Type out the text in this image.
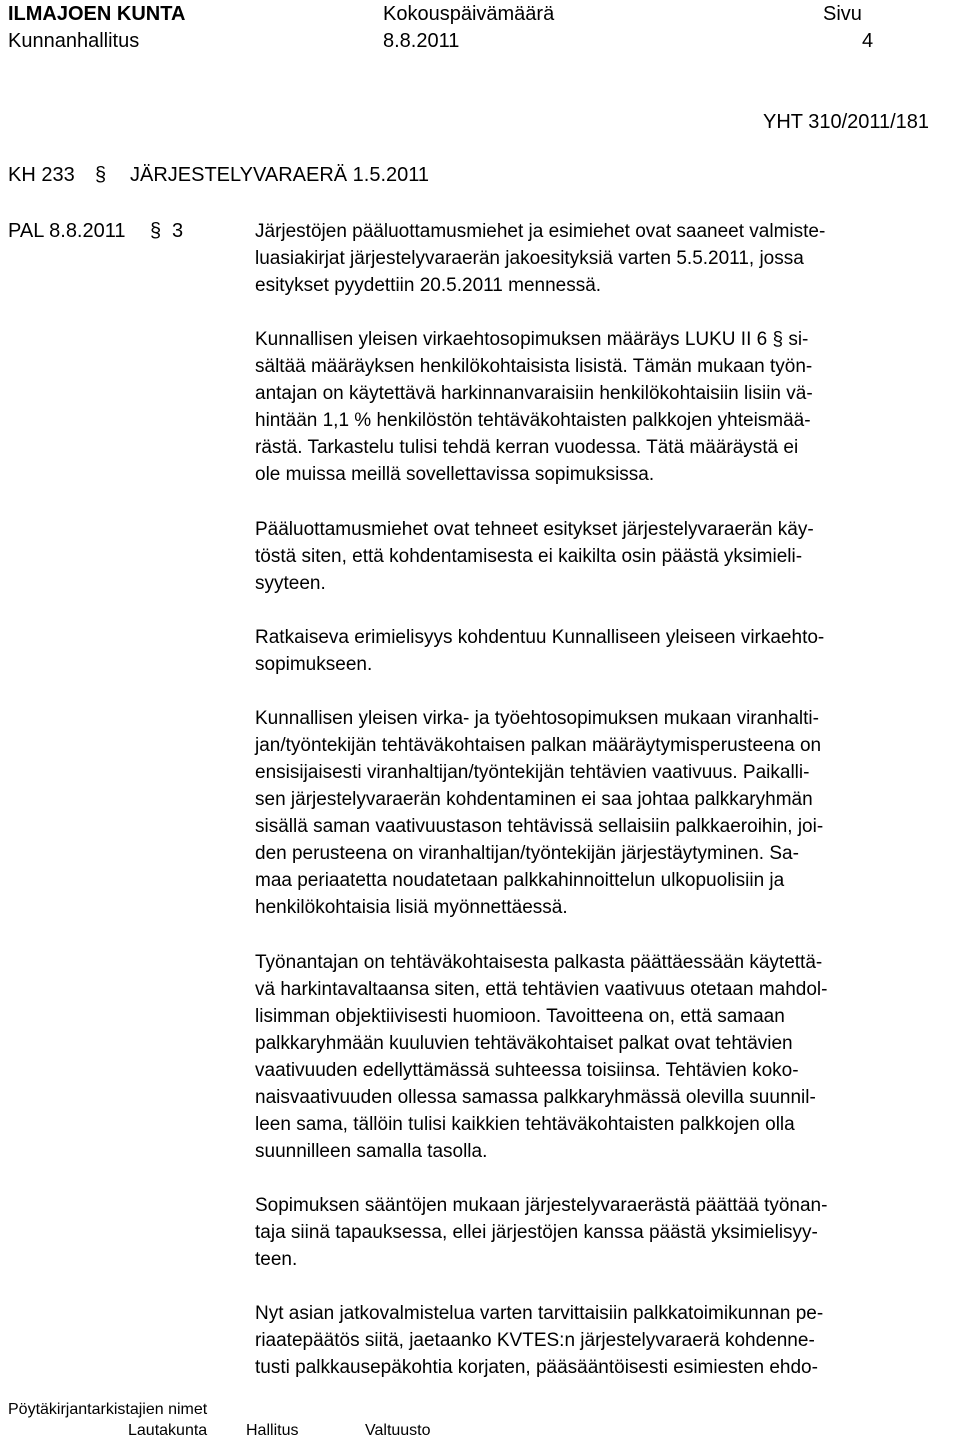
ILMAJOEN KUNTA	Kokouspäivämäärä	Sivu
Kunnanhallitus	8.8.2011	4
YHT 310/2011/181
KH 233 § JÄRJESTELYVARAERÄ 1.5.2011
PAL 8.8.2011 § 3	Järjestöjen pääluottamusmiehet ja esimiehet ovat saaneet valmiste-
luasiakirjat järjestelyvaraerän jakoesityksiä varten 5.5.2011, jossa
esitykset pyydettiin 20.5.2011 mennessä.
Kunnallisen yleisen virkaehtosopimuksen määräys LUKU II 6 § si-
sältää määräyksen henkilökohtaisista lisistä. Tämän mukaan työn-
antajan on käytettävä harkinnanvaraisiin henkilökohtaisiin lisiin vä-
hintään 1,1 % henkilöstön tehtäväkohtaisten palkkojen yhteismää-
rästä. Tarkastelu tulisi tehdä kerran vuodessa. Tätä määräystä ei
ole muissa meillä sovellettavissa sopimuksissa.
Pääluottamusmiehet ovat tehneet esitykset järjestelyvaraerän käy-
töstä siten, että kohdentamisesta ei kaikilta osin päästä yksimieli-
syyteen.
Ratkaiseva erimielisyys kohdentuu Kunnalliseen yleiseen virkaehto-
sopimukseen.
Kunnallisen yleisen virka- ja työehtosopimuksen mukaan viranhalti-
jan/työntekijän tehtäväkohtaisen palkan määräytymisperusteena on
ensisijaisesti viranhaltijan/työntekijän tehtävien vaativuus. Paikalli-
sen järjestelyvaraerän kohdentaminen ei saa johtaa palkkaryhmän
sisällä saman vaativuustason tehtävissä sellaisiin palkkaeroihin, joi-
den perusteena on viranhaltijan/työntekijän järjestäytyminen. Sa-
maa periaatetta noudatetaan palkkahinnoittelun ulkopuolisiin ja
henkilökohtaisia lisiä myönnettäessä.
Työnantajan on tehtäväkohtaisesta palkasta päättäessään käytettä-
vä harkintavaltaansa siten, että tehtävien vaativuus otetaan mahdol-
lisimman objektiivisesti huomioon. Tavoitteena on, että samaan
palkkaryhmään kuuluvien tehtäväkohtaiset palkat ovat tehtävien
vaativuuden edellyttämässä suhteessa toisiinsa. Tehtävien koko-
naisvaativuuden ollessa samassa palkkaryhmässä olevilla suunnil-
leen sama, tällöin tulisi kaikkien tehtäväkohtaisten palkkojen olla
suunnilleen samalla tasolla.
Sopimuksen sääntöjen mukaan järjestelyvaraerästä päättää työnan-
taja siinä tapauksessa, ellei järjestöjen kanssa päästä yksimielisyy-
teen.
Nyt asian jatkovalmistelua varten tarvittaisiin palkkatoimikunnan pe-
riaatepäätös siitä, jaetaanko KVTES:n järjestelyvaraerä kohdenne-
tusti palkkausepäkohtia korjaten, pääsääntöisesti esimiesten ehdo-
Pöytäkirjantarkistajien nimet
Lautakunta Hallitus	Valtuusto
